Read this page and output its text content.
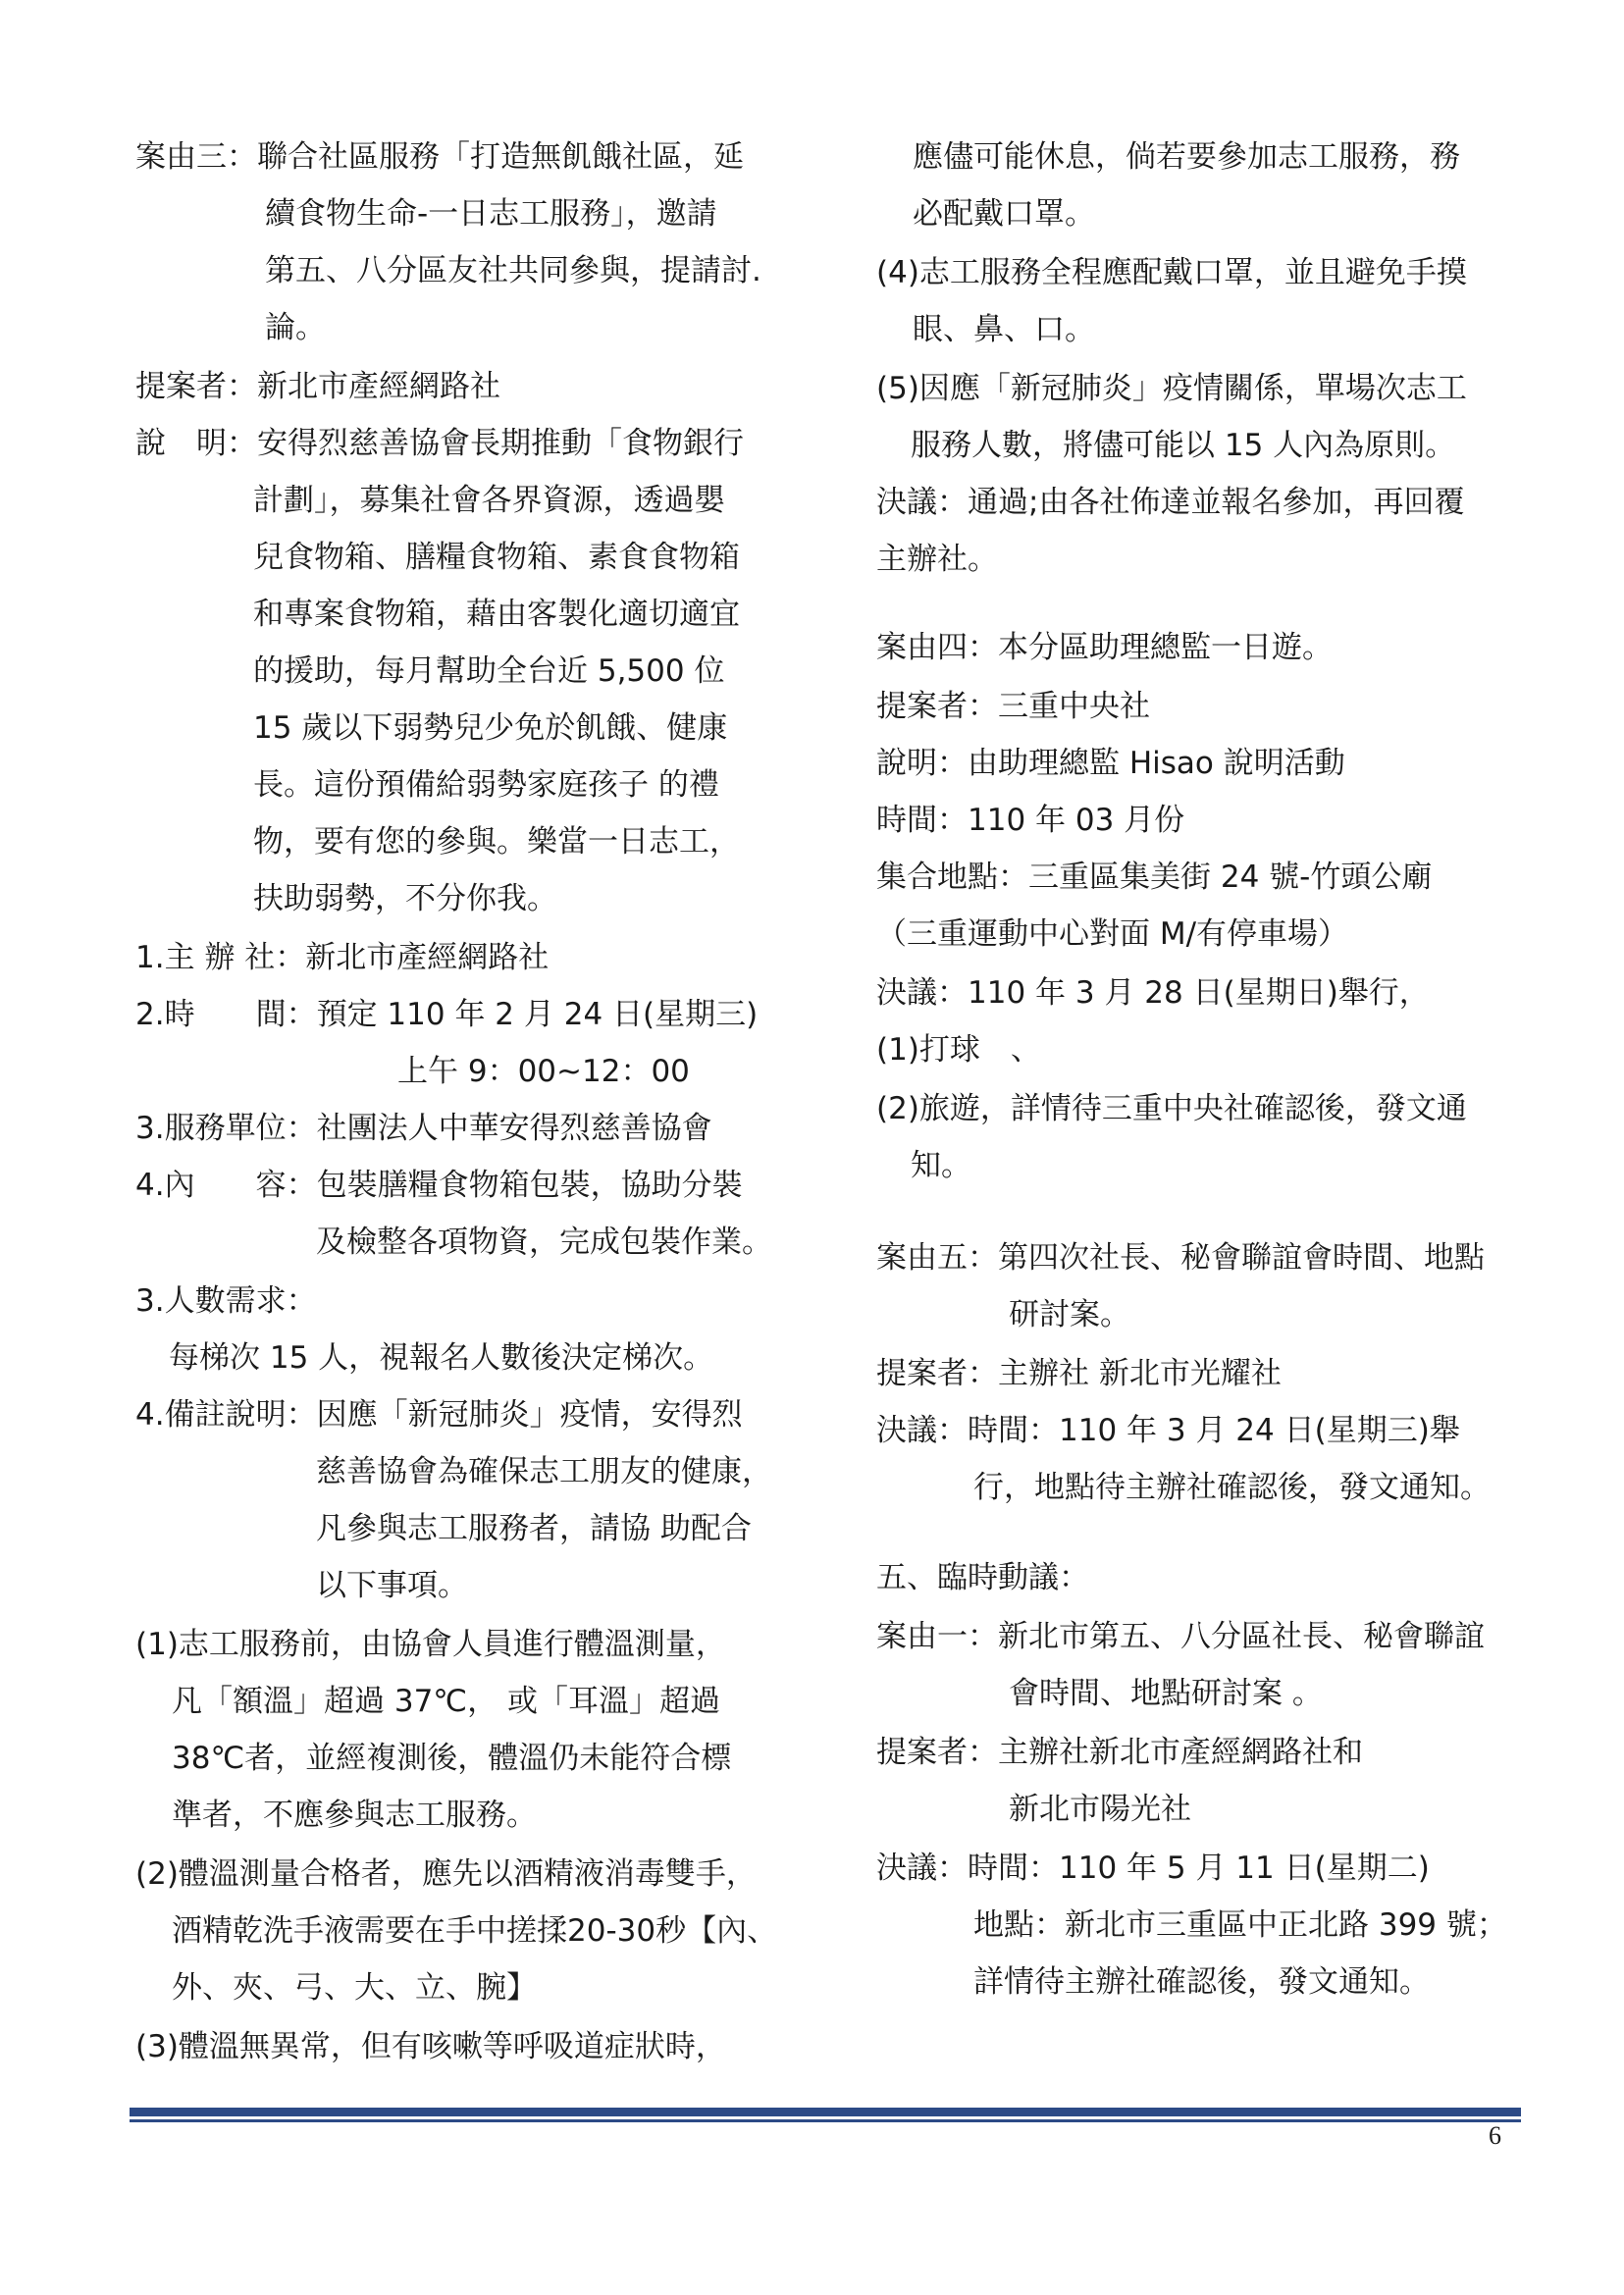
案由三：聯合社區服務「打造無飢餓社區，延
續食物生命-一日志工服務」，邀請
第五、八分區友社共同參與，提請討.
論。
提案者：新北市產經網路社
說　明：安得烈慈善協會長期推動「食物銀行
計劃」，募集社會各界資源，透過嬰
兒食物箱、膳糧食物箱、素食食物箱
和專案食物箱，藉由客製化適切適宜
的援助，每月幫助全台近 5,500 位
15 歲以下弱勢兒少免於飢餓、健康
長。這份預備給弱勢家庭孩子 的禮
物，要有您的參與。樂當一日志工，
扶助弱勢，不分你我。
1.主 辦 社：新北市產經網路社
2.時　　間：預定 110 年 2 月 24 日(星期三)
上午 9：00~12：00
3.服務單位：社團法人中華安得烈慈善協會
4.內　　容：包裝膳糧食物箱包裝，協助分裝
及檢整各項物資，完成包裝作業。
3.人數需求：
每梯次 15 人，視報名人數後決定梯次。
4.備註說明：因應「新冠肺炎」疫情，安得烈
慈善協會為確保志工朋友的健康，
凡參與志工服務者，請協 助配合
以下事項。
(1)志工服務前，由協會人員進行體溫測量，
凡「額溫」超過 37℃， 或「耳溫」超過
38℃者，並經複測後，體溫仍未能符合標
準者，不應參與志工服務。
(2)體溫測量合格者，應先以酒精液消毒雙手，
酒精乾洗手液需要在手中搓揉20-30秒【內、
外、夾、弓、大、立、腕】
(3)體溫無異常，但有咳嗽等呼吸道症狀時，
應儘可能休息，倘若要參加志工服務，務
必配戴口罩。
(4)志工服務全程應配戴口罩，並且避免手摸
眼、鼻、口。
(5)因應「新冠肺炎」疫情關係，單場次志工
服務人數，將儘可能以 15 人內為原則。
決議：通過;由各社佈達並報名參加，再回覆
主辦社。
案由四：本分區助理總監一日遊。
提案者：三重中央社
說明：由助理總監 Hisao 說明活動
時間：110 年 03 月份
集合地點：三重區集美街 24 號-竹頭公廟
（三重運動中心對面 M/有停車場）
決議：110 年 3 月 28 日(星期日)舉行，
(1)打球　、
(2)旅遊，詳情待三重中央社確認後，發文通
知。
案由五：第四次社長、秘會聯誼會時間、地點
研討案。
提案者：主辦社 新北市光耀社
決議：時間：110 年 3 月 24 日(星期三)舉
行，地點待主辦社確認後，發文通知。
五、臨時動議：
案由一：新北市第五、八分區社長、秘會聯誼
會時間、地點研討案 。
提案者：主辦社新北市產經網路社和
新北市陽光社
決議：時間：110 年 5 月 11 日(星期二)
地點：新北市三重區中正北路 399 號；
詳情待主辦社確認後，發文通知。
6
